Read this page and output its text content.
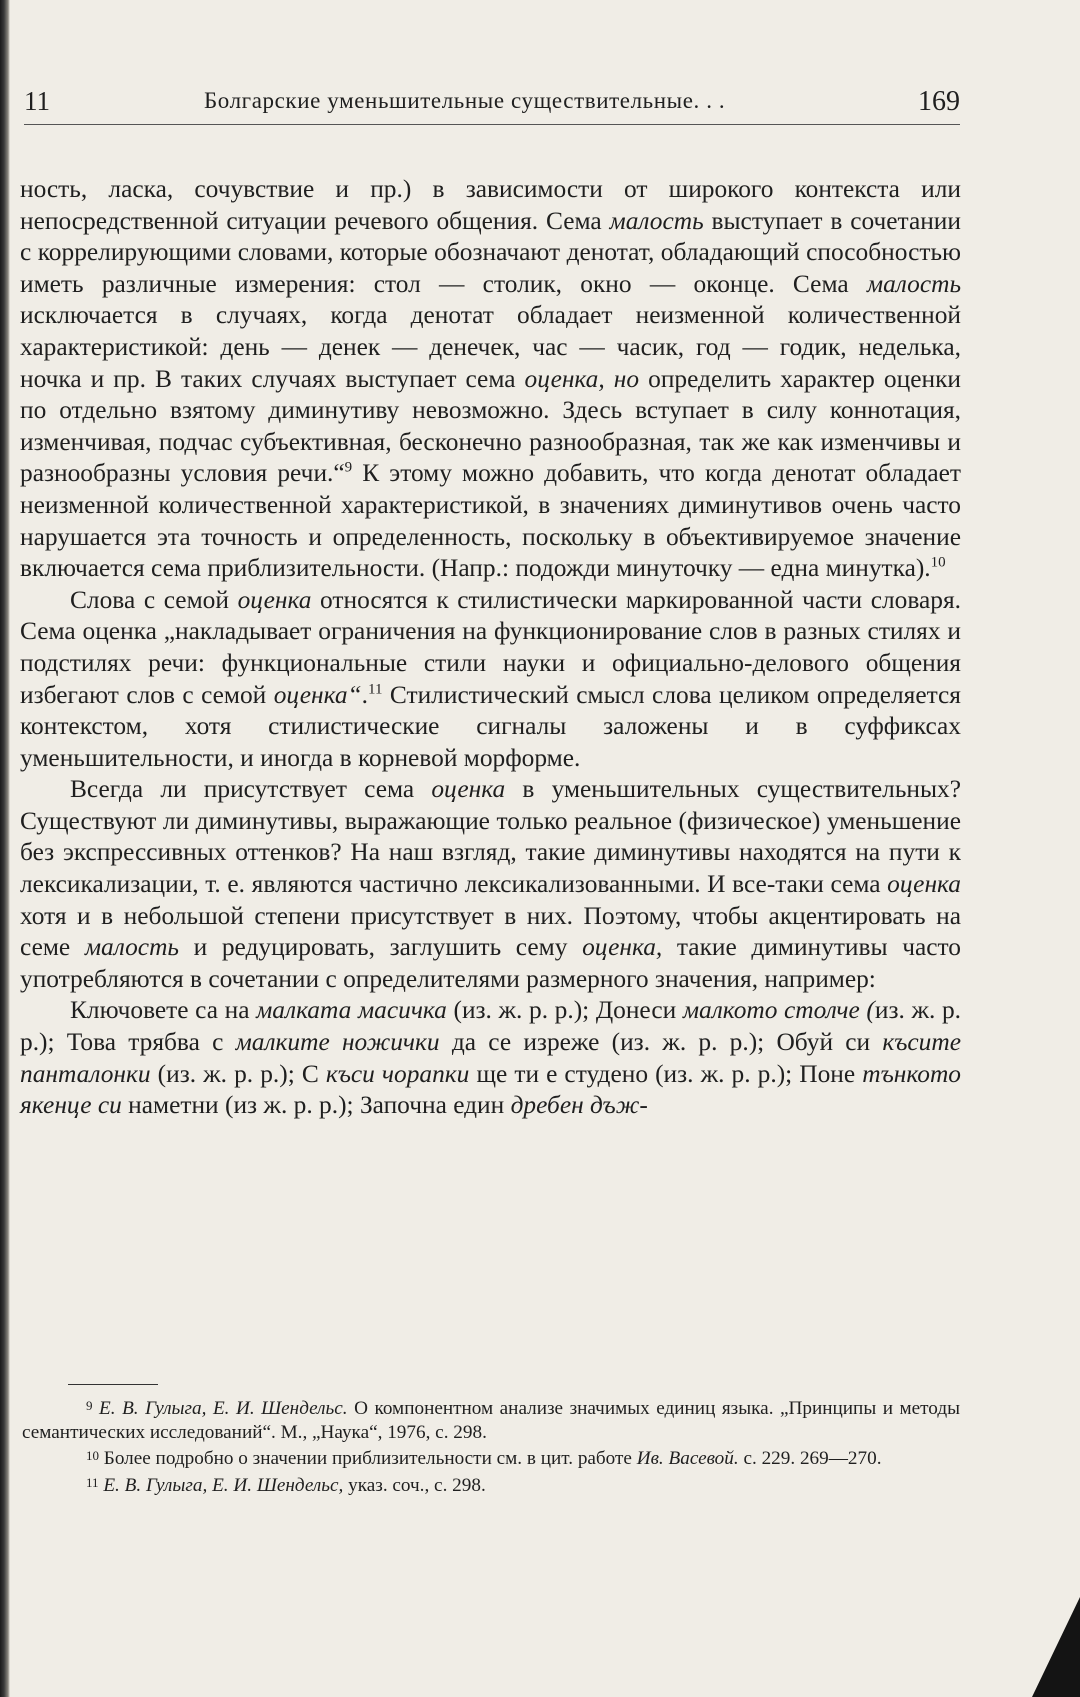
11	Болгарские уменьшительные существительные. . .	169

ность, ласка, сочувствие и пр.) в зависимости от широкого контекста или непосредственной ситуации речевого общения. Сема малость выступает в сочетании с коррелирующими словами, которые обозначают денотат, обладающий способностью иметь различные измерения: стол — столик, окно — оконце. Сема малость исключается в случаях, когда денотат обладает неизменной количественной характеристикой: день — денек — денечек, час — часик, год — годик, неделька, ночка и пр. В таких случаях выступает сема оценка, но определить характер оценки по отдельно взятому диминутиву невозможно. Здесь вступает в силу коннотация, изменчивая, подчас субъективная, бесконечно разнообразная, так же как изменчивы и разнообразны условия речи.“$^9$ К этому можно добавить, что когда денотат обладает неизменной количественной характеристикой, в значениях диминутивов очень часто нарушается эта точность и определенность, поскольку в объективируемое значение включается сема приблизительности. (Напр.: подожди минуточку — една минутка).$^{10}$

Слова с семой оценка относятся к стилистически маркированной части словаря. Сема оценка „накладывает ограничения на функционирование слов в разных стилях и подстилях речи: функциональные стили науки и официально-делового общения избегают слов с семой оценка“.$^{11}$ Стилистический смысл слова целиком определяется контекстом, хотя стилистические сигналы заложены и в суффиксах уменьшительности, и иногда в корневой морформе.

Всегда ли присутствует сема оценка в уменьшительных существительных? Существуют ли диминутивы, выражающие только реальное (физическое) уменьшение без экспрессивных оттенков? На наш взгляд, такие диминутивы находятся на пути к лексикализации, т. е. являются частично лексикализованными. И все-таки сема оценка хотя и в небольшой степени присутствует в них. Поэтому, чтобы акцентировать на семе малость и редуцировать, заглушить сему оценка, такие диминутивы часто употребляются в сочетании с определителями размерного значения, например:

Ключовете са на малката масичка (из. ж. р. р.); Донеси малкото столче (из. ж. р. р.); Това трябва с малките ножички да се изреже (из. ж. р. р.); Обуй си късите панталонки (из. ж. р. р.); С къси чорапки ще ти е студено (из. ж. р. р.); Поне тънкото якенце си наметни (из ж. р. р.); Започна един дребен дъж-

$^9$ Е. В. Гулыга, Е. И. Шендельс. О компонентном анализе значимых единиц языка. „Принципы и методы семантических исследований“. М., „Наука“, 1976, с. 298.

$^{10}$ Более подробно о значении приблизительности см. в цит. работе Ив. Васевой. с. 229. 269—270.

$^{11}$ Е. В. Гулыга, Е. И. Шендельс, указ. соч., с. 298.
